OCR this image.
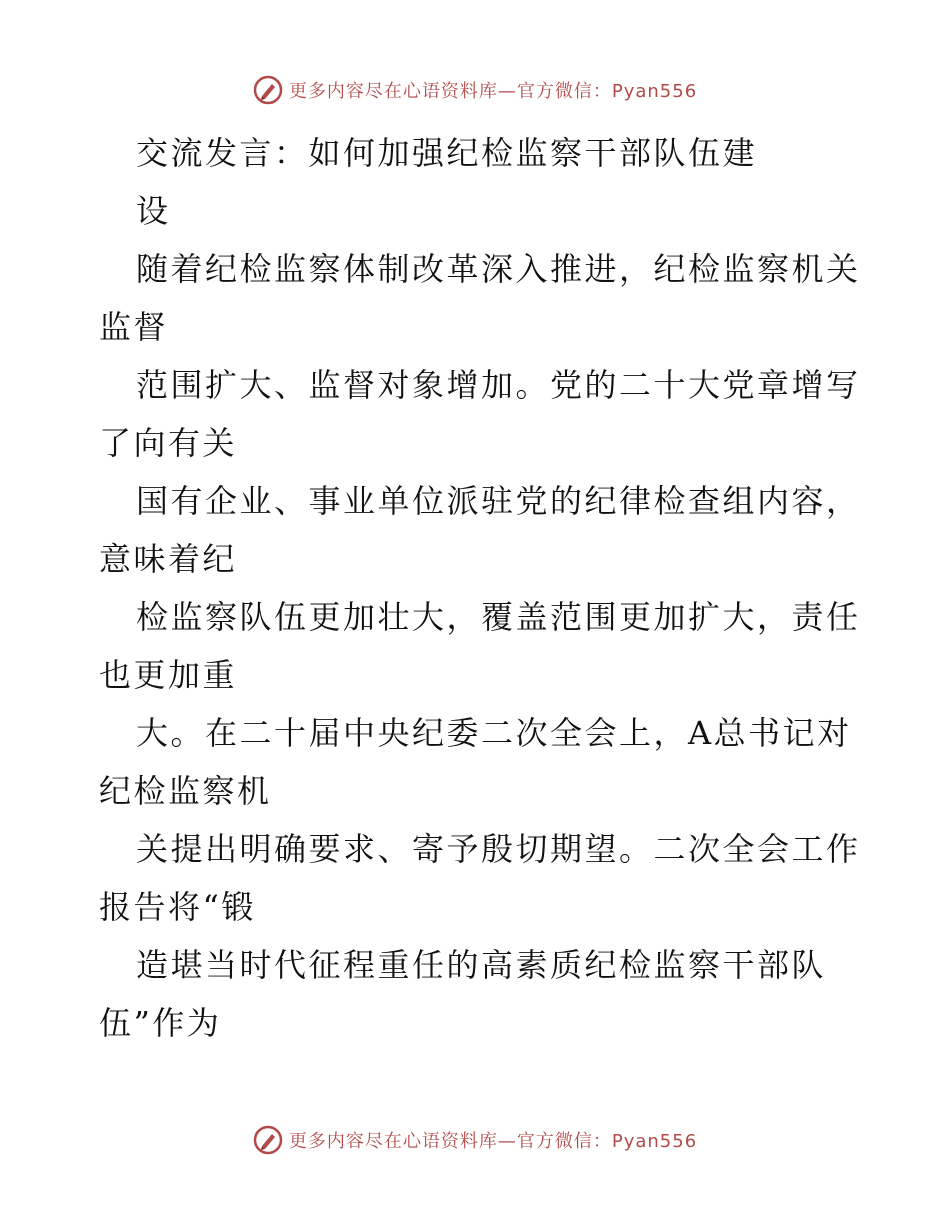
更多内容尽在心语资料库—官方微信：Pyan556
交流发言：如何加强纪检监察干部队伍建
设
随着纪检监察体制改革深入推进，纪检监察机关
监督
范围扩大、监督对象增加。党的二十大党章增写
了向有关
国有企业、事业单位派驻党的纪律检查组内容，
意味着纪
检监察队伍更加壮大，覆盖范围更加扩大，责任
也更加重
大。在二十届中央纪委二次全会上，A总书记对
纪检监察机
关提出明确要求、寄予殷切期望。二次全会工作
报告将“锻
造堪当时代征程重任的高素质纪检监察干部队
伍”作为
更多内容尽在心语资料库—官方微信：Pyan556
